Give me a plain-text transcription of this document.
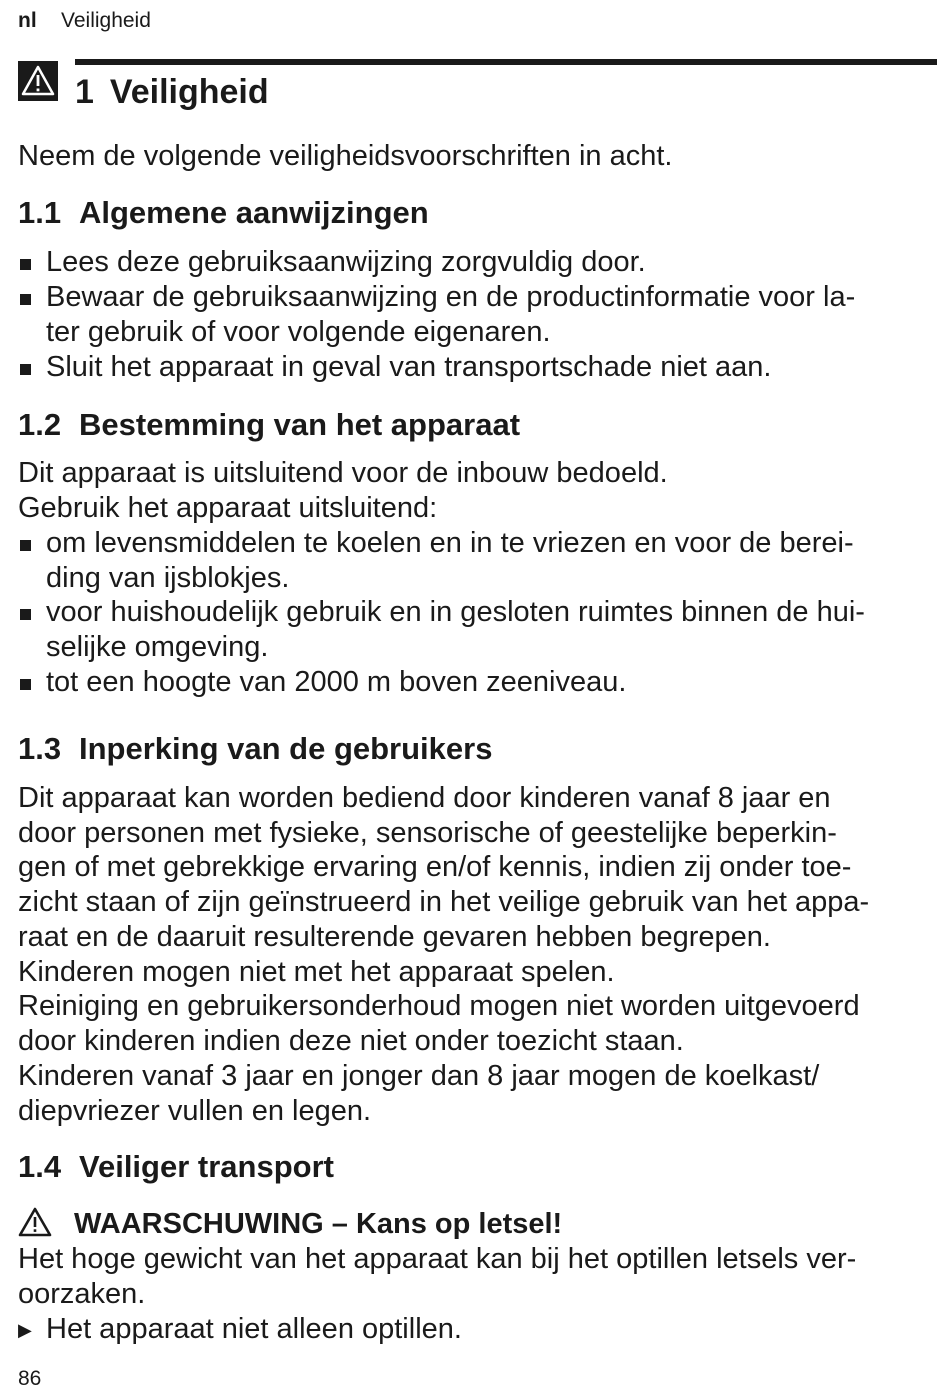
nl Veiligheid
1 Veiligheid

Neem de volgende veiligheidsvoorschriften in acht.

1.1 Algemene aanwijzingen
Lees deze gebruiksaanwijzing zorgvuldig door.
Bewaar de gebruiksaanwijzing en de productinformatie voor la-
ter gebruik of voor volgende eigenaren.
Sluit het apparaat in geval van transportschade niet aan.
1.2 Bestemming van het apparaat

Dit apparaat is uitsluitend voor de inbouw bedoeld.

Gebruik het apparaat uitsluitend:

om levensmiddelen te koelen en in te vriezen en voor de berei-
ding van ijsblokjes.
voor huishoudelijk gebruik en in gesloten ruimtes binnen de hui-
selijke omgeving.
tot een hoogte van 2000 m boven zeeniveau.
1.3 Inperking van de gebruikers

Dit apparaat kan worden bediend door kinderen vanaf 8 jaar en

door personen met fysieke, sensorische of geestelijke beperkin-

gen of met gebrekkige ervaring en/of kennis, indien zij onder toe-

zicht staan of zijn geïnstrueerd in het veilige gebruik van het appa-

raat en de daaruit resulterende gevaren hebben begrepen.

Kinderen mogen niet met het apparaat spelen.

Reiniging en gebruikersonderhoud mogen niet worden uitgevoerd

door kinderen indien deze niet onder toezicht staan.

Kinderen vanaf 3 jaar en jonger dan 8 jaar mogen de koelkast/

diepvriezer vullen en legen.

1.4 Veiliger transport

WAARSCHUWING – Kans op letsel!

Het hoge gewicht van het apparaat kan bij het optillen letsels ver-

oorzaken.

▶ Het apparaat niet alleen optillen.

86
